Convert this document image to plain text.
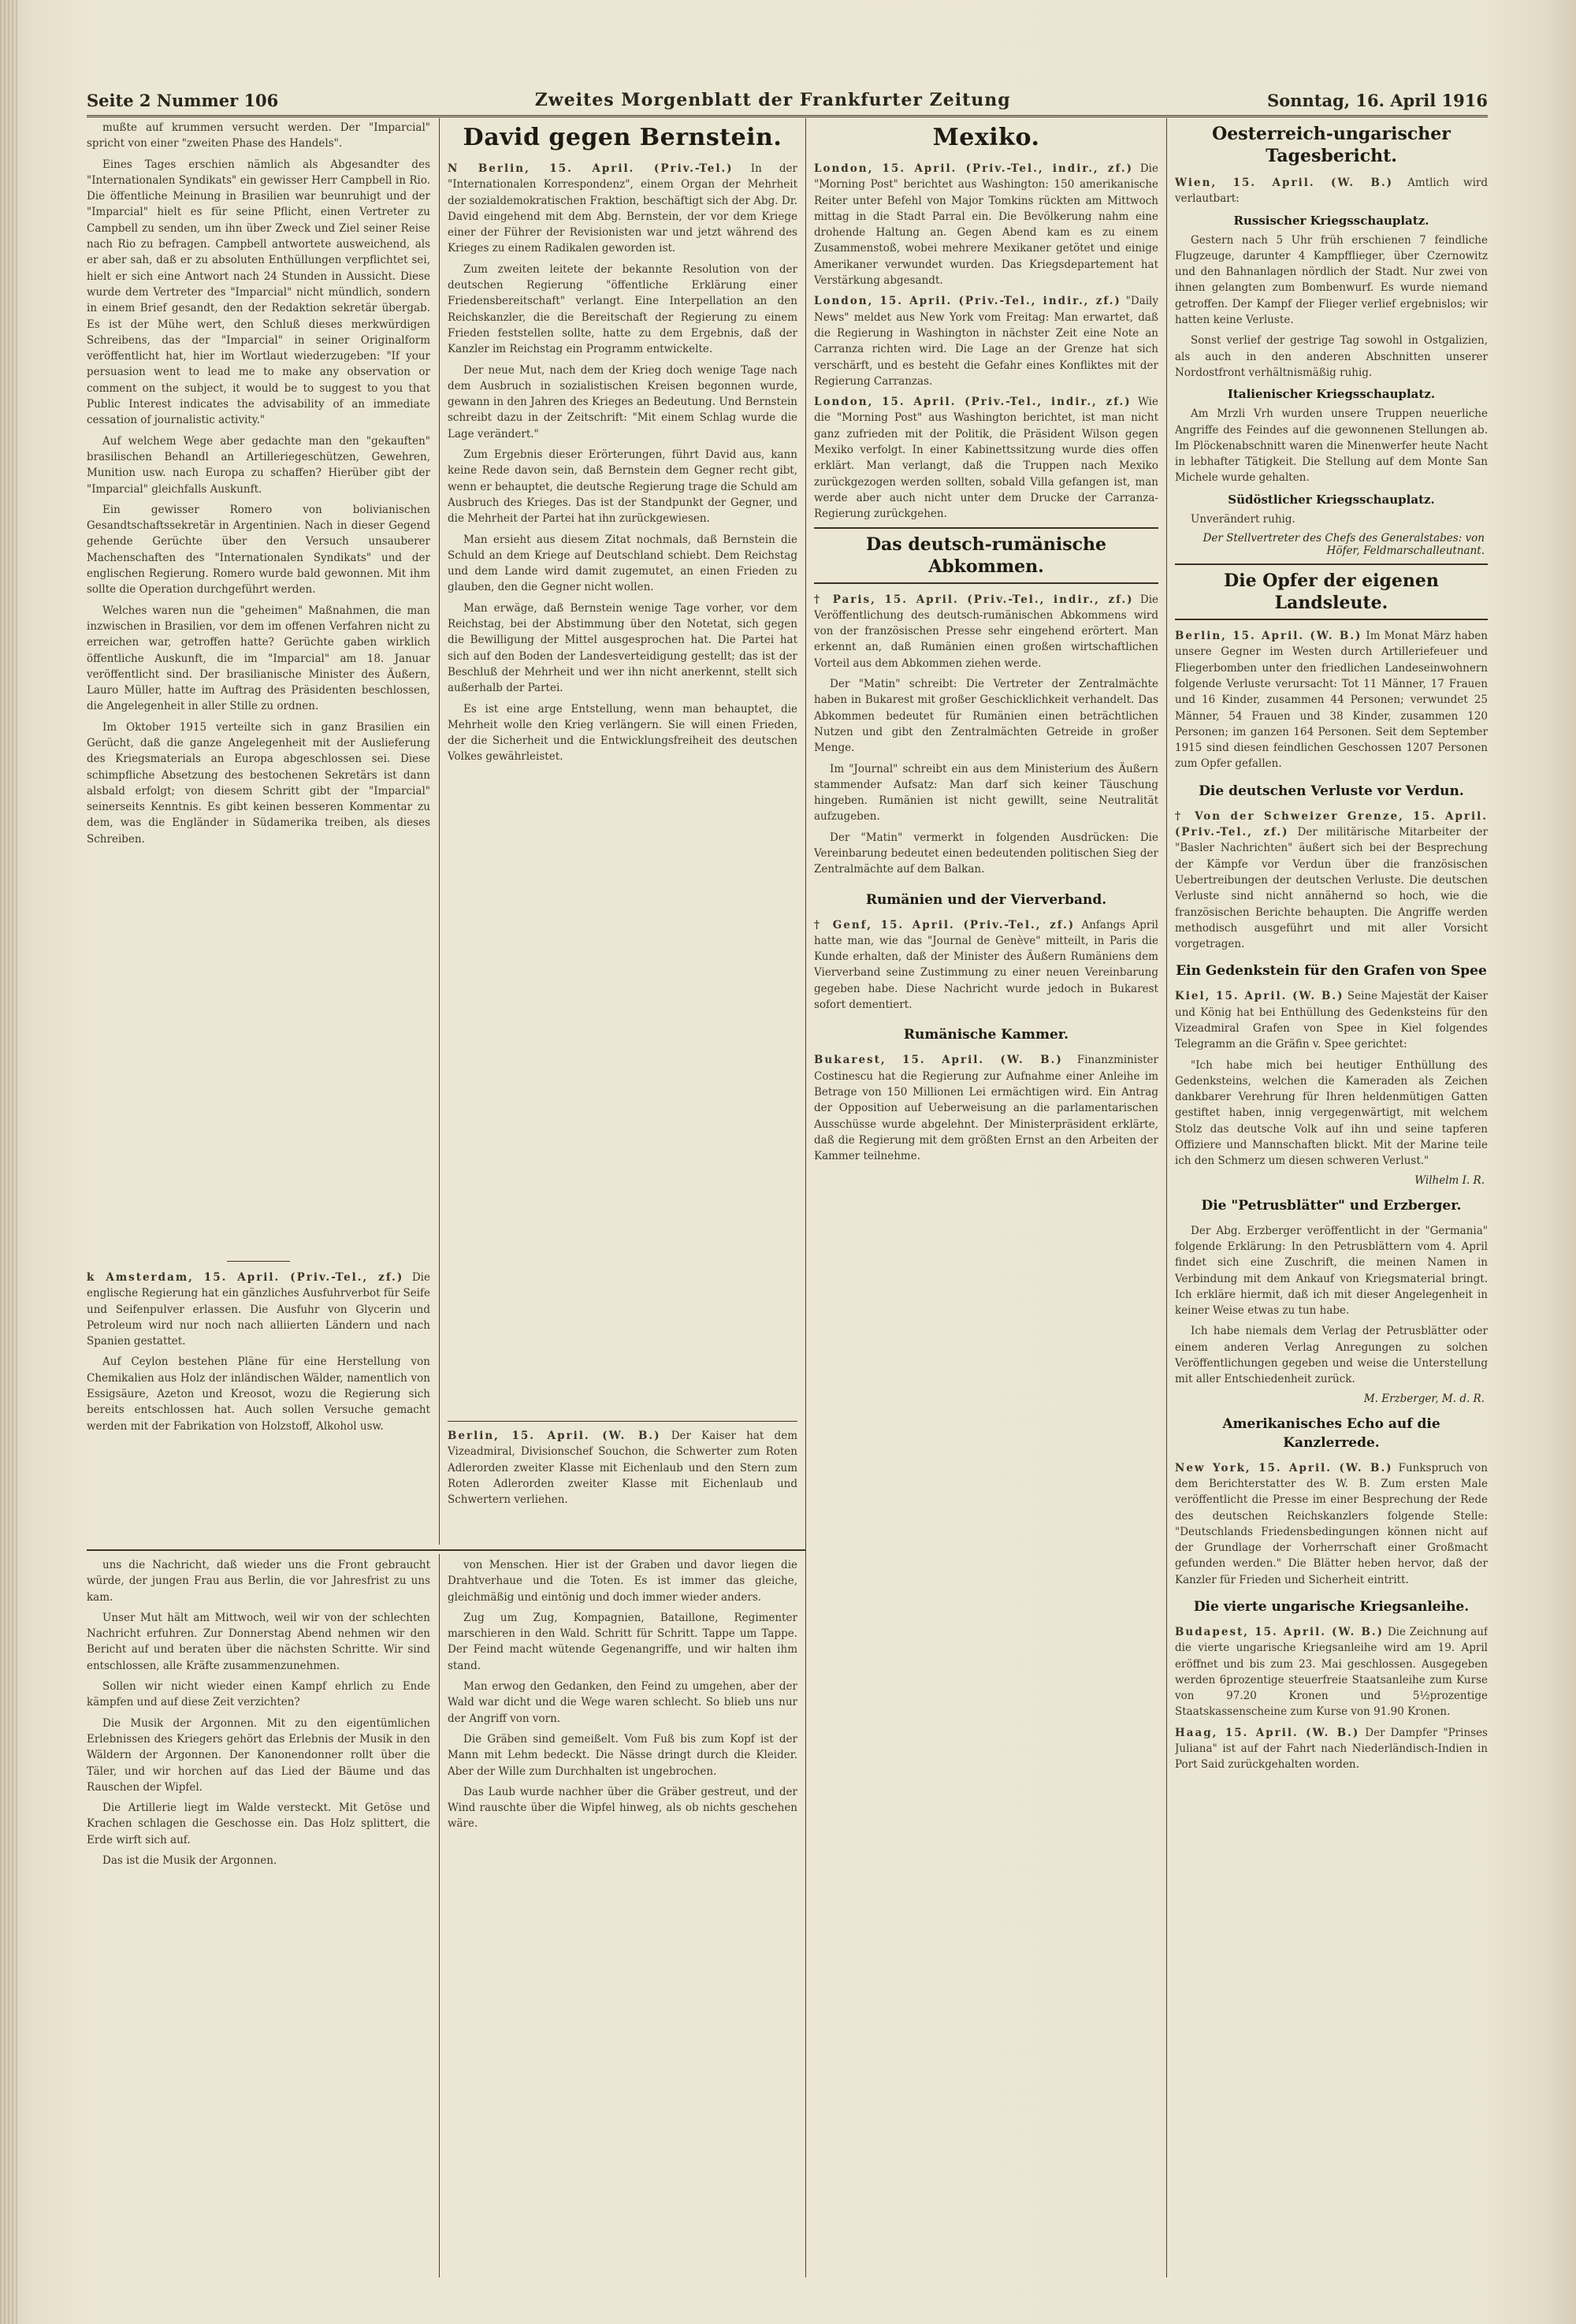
Seite 2 Nummer 106	Zweites Morgenblatt der Frankfurter Zeitung	Sonntag, 16. April 1916

mußte auf krummen versucht werden. Der "Imparcial" spricht von einer "zweiten Phase des Handels".

Eines Tages erschien nämlich als Abgesandter des "Internationalen Syndikats" ein gewisser Herr Campbell in Rio. Die öffentliche Meinung in Brasilien war beunruhigt und der "Imparcial" hielt es für seine Pflicht, einen Vertreter zu Campbell zu senden, um ihn über Zweck und Ziel seiner Reise nach Rio zu befragen. Campbell antwortete ausweichend, als er aber sah, daß er zu absoluten Enthüllungen verpflichtet sei, hielt er sich eine Antwort nach 24 Stunden in Aussicht. Diese wurde dem Vertreter des "Imparcial" nicht mündlich, sondern in einem Brief gesandt, den der Redaktion sekretär übergab. Es ist der Mühe wert, den Schluß dieses merkwürdigen Schreibens, das der "Imparcial" in seiner Originalform veröffentlicht hat, hier im Wortlaut wiederzugeben: "If your persuasion went to lead me to make any observation or comment on the subject, it would be to suggest to you that Public Interest indicates the advisability of an immediate cessation of journalistic activity."

Auf welchem Wege aber gedachte man den "gekauften" brasilischen Behandl an Artilleriegeschützen, Gewehren, Munition usw. nach Europa zu schaffen? Hierüber gibt der "Imparcial" gleichfalls Auskunft.

Ein gewisser Romero von bolivianischen Gesandtschaftssekretär in Argentinien. Nach in dieser Gegend gehende Gerüchte über den Versuch unsauberer Machenschaften des "Internationalen Syndikats" und der englischen Regierung. Romero wurde bald gewonnen. Mit ihm sollte die Operation durchgeführt werden.

Welches waren nun die "geheimen" Maßnahmen, die man inzwischen in Brasilien, vor dem im offenen Verfahren nicht zu erreichen war, getroffen hatte? Gerüchte gaben wirklich öffentliche Auskunft, die im "Imparcial" am 18. Januar veröffentlicht sind. Der brasilianische Minister des Äußern, Lauro Müller, hatte im Auftrag des Präsidenten beschlossen, die Angelegenheit in aller Stille zu ordnen.

Im Oktober 1915 verteilte sich in ganz Brasilien ein Gerücht, daß die ganze Angelegenheit mit der Auslieferung des Kriegsmaterials an Europa abgeschlossen sei. Diese schimpfliche Absetzung des bestochenen Sekretärs ist dann alsbald erfolgt; von diesem Schritt gibt der "Imparcial" seinerseits Kenntnis. Es gibt keinen besseren Kommentar zu dem, was die Engländer in Südamerika treiben, als dieses Schreiben.

k Amsterdam, 15. April. (Priv.-Tel., zf.) Die englische Regierung hat ein gänzliches Ausfuhrverbot für Seife und Seifenpulver erlassen. Die Ausfuhr von Glycerin und Petroleum wird nur noch nach alliierten Ländern und nach Spanien gestattet.

Auf Ceylon bestehen Pläne für eine Herstellung von Chemikalien aus Holz der inländischen Wälder, namentlich von Essigsäure, Azeton und Kreosot, wozu die Regierung sich bereits entschlossen hat. Auch sollen Versuche gemacht werden mit der Fabrikation von Holzstoff, Alkohol usw.

David gegen Bernstein.

N Berlin, 15. April. (Priv.-Tel.) In der "Internationalen Korrespondenz", einem Organ der Mehrheit der sozialdemokratischen Fraktion, beschäftigt sich der Abg. Dr. David eingehend mit dem Abg. Bernstein, der vor dem Kriege einer der Führer der Revisionisten war und jetzt während des Krieges zu einem Radikalen geworden ist.

Zum zweiten leitete der bekannte Resolution von der deutschen Regierung "öffentliche Erklärung einer Friedensbereitschaft" verlangt. Eine Interpellation an den Reichskanzler, die die Bereitschaft der Regierung zu einem Frieden feststellen sollte, hatte zu dem Ergebnis, daß der Kanzler im Reichstag ein Programm entwickelte.

Der neue Mut, nach dem der Krieg doch wenige Tage nach dem Ausbruch in sozialistischen Kreisen begonnen wurde, gewann in den Jahren des Krieges an Bedeutung. Und Bernstein schreibt dazu in der Zeitschrift: "Mit einem Schlag wurde die Lage verändert."

Zum Ergebnis dieser Erörterungen, führt David aus, kann keine Rede davon sein, daß Bernstein dem Gegner recht gibt, wenn er behauptet, die deutsche Regierung trage die Schuld am Ausbruch des Krieges. Das ist der Standpunkt der Gegner, und die Mehrheit der Partei hat ihn zurückgewiesen.

Man ersieht aus diesem Zitat nochmals, daß Bernstein die Schuld an dem Kriege auf Deutschland schiebt. Dem Reichstag und dem Lande wird damit zugemutet, an einen Frieden zu glauben, den die Gegner nicht wollen.

Man erwäge, daß Bernstein wenige Tage vorher, vor dem Reichstag, bei der Abstimmung über den Notetat, sich gegen die Bewilligung der Mittel ausgesprochen hat. Die Partei hat sich auf den Boden der Landesverteidigung gestellt; das ist der Beschluß der Mehrheit und wer ihn nicht anerkennt, stellt sich außerhalb der Partei.

Es ist eine arge Entstellung, wenn man behauptet, die Mehrheit wolle den Krieg verlängern. Sie will einen Frieden, der die Sicherheit und die Entwicklungsfreiheit des deutschen Volkes gewährleistet.

Berlin, 15. April. (W. B.) Der Kaiser hat dem Vizeadmiral, Divisionschef Souchon, die Schwerter zum Roten Adlerorden zweiter Klasse mit Eichenlaub und den Stern zum Roten Adlerorden zweiter Klasse mit Eichenlaub und Schwertern verliehen.

uns die Nachricht, daß wieder uns die Front gebraucht würde, der jungen Frau aus Berlin, die vor Jahresfrist zu uns kam.

Unser Mut hält am Mittwoch, weil wir von der schlechten Nachricht erfuhren. Zur Donnerstag Abend nehmen wir den Bericht auf und beraten über die nächsten Schritte. Wir sind entschlossen, alle Kräfte zusammenzunehmen.

Sollen wir nicht wieder einen Kampf ehrlich zu Ende kämpfen und auf diese Zeit verzichten?

Die Musik der Argonnen. Mit zu den eigentümlichen Erlebnissen des Kriegers gehört das Erlebnis der Musik in den Wäldern der Argonnen. Der Kanonendonner rollt über die Täler, und wir horchen auf das Lied der Bäume und das Rauschen der Wipfel.

Die Artillerie liegt im Walde versteckt. Mit Getöse und Krachen schlagen die Geschosse ein. Das Holz splittert, die Erde wirft sich auf.

Das ist die Musik der Argonnen.

von Menschen. Hier ist der Graben und davor liegen die Drahtverhaue und die Toten. Es ist immer das gleiche, gleichmäßig und eintönig und doch immer wieder anders.

Zug um Zug, Kompagnien, Bataillone, Regimenter marschieren in den Wald. Schritt für Schritt. Tappe um Tappe. Der Feind macht wütende Gegenangriffe, und wir halten ihm stand.

Man erwog den Gedanken, den Feind zu umgehen, aber der Wald war dicht und die Wege waren schlecht. So blieb uns nur der Angriff von vorn.

Die Gräben sind gemeißelt. Vom Fuß bis zum Kopf ist der Mann mit Lehm bedeckt. Die Nässe dringt durch die Kleider. Aber der Wille zum Durchhalten ist ungebrochen.

Das Laub wurde nachher über die Gräber gestreut, und der Wind rauschte über die Wipfel hinweg, als ob nichts geschehen wäre.

Mexiko.

London, 15. April. (Priv.-Tel., indir., zf.) Die "Morning Post" berichtet aus Washington: 150 amerikanische Reiter unter Befehl von Major Tomkins rückten am Mittwoch mittag in die Stadt Parral ein. Die Bevölkerung nahm eine drohende Haltung an. Gegen Abend kam es zu einem Zusammenstoß, wobei mehrere Mexikaner getötet und einige Amerikaner verwundet wurden. Das Kriegsdepartement hat Verstärkung abgesandt.

London, 15. April. (Priv.-Tel., indir., zf.) "Daily News" meldet aus New York vom Freitag: Man erwartet, daß die Regierung in Washington in nächster Zeit eine Note an Carranza richten wird. Die Lage an der Grenze hat sich verschärft, und es besteht die Gefahr eines Konfliktes mit der Regierung Carranzas.

London, 15. April. (Priv.-Tel., indir., zf.) Wie die "Morning Post" aus Washington berichtet, ist man nicht ganz zufrieden mit der Politik, die Präsident Wilson gegen Mexiko verfolgt. In einer Kabinettssitzung wurde dies offen erklärt. Man verlangt, daß die Truppen nach Mexiko zurückgezogen werden sollten, sobald Villa gefangen ist, man werde aber auch nicht unter dem Drucke der Carranza-Regierung zurückgehen.

Das deutsch-rumänische Abkommen.

† Paris, 15. April. (Priv.-Tel., indir., zf.) Die Veröffentlichung des deutsch-rumänischen Abkommens wird von der französischen Presse sehr eingehend erörtert. Man erkennt an, daß Rumänien einen großen wirtschaftlichen Vorteil aus dem Abkommen ziehen werde.

Der "Matin" schreibt: Die Vertreter der Zentralmächte haben in Bukarest mit großer Geschicklichkeit verhandelt. Das Abkommen bedeutet für Rumänien einen beträchtlichen Nutzen und gibt den Zentralmächten Getreide in großer Menge.

Im "Journal" schreibt ein aus dem Ministerium des Äußern stammender Aufsatz: Man darf sich keiner Täuschung hingeben. Rumänien ist nicht gewillt, seine Neutralität aufzugeben.

Der "Matin" vermerkt in folgenden Ausdrücken: Die Vereinbarung bedeutet einen bedeutenden politischen Sieg der Zentralmächte auf dem Balkan.

Rumänien und der Vierverband.

† Genf, 15. April. (Priv.-Tel., zf.) Anfangs April hatte man, wie das "Journal de Genève" mitteilt, in Paris die Kunde erhalten, daß der Minister des Äußern Rumäniens dem Vierverband seine Zustimmung zu einer neuen Vereinbarung gegeben habe. Diese Nachricht wurde jedoch in Bukarest sofort dementiert.

Rumänische Kammer.

Bukarest, 15. April. (W. B.) Finanzminister Costinescu hat die Regierung zur Aufnahme einer Anleihe im Betrage von 150 Millionen Lei ermächtigen wird. Ein Antrag der Opposition auf Ueberweisung an die parlamentarischen Ausschüsse wurde abgelehnt. Der Ministerpräsident erklärte, daß die Regierung mit dem größten Ernst an den Arbeiten der Kammer teilnehme.

Oesterreich-ungarischer Tagesbericht.

Wien, 15. April. (W. B.) Amtlich wird verlautbart:

Russischer Kriegsschauplatz.

Gestern nach 5 Uhr früh erschienen 7 feindliche Flugzeuge, darunter 4 Kampfflieger, über Czernowitz und den Bahnanlagen nördlich der Stadt. Nur zwei von ihnen gelangten zum Bombenwurf. Es wurde niemand getroffen. Der Kampf der Flieger verlief ergebnislos; wir hatten keine Verluste.

Sonst verlief der gestrige Tag sowohl in Ostgalizien, als auch in den anderen Abschnitten unserer Nordostfront verhältnismäßig ruhig.

Italienischer Kriegsschauplatz.

Am Mrzli Vrh wurden unsere Truppen neuerliche Angriffe des Feindes auf die gewonnenen Stellungen ab. Im Plöckenabschnitt waren die Minenwerfer heute Nacht in lebhafter Tätigkeit. Die Stellung auf dem Monte San Michele wurde gehalten.

Südöstlicher Kriegsschauplatz.

Unverändert ruhig.

Der Stellvertreter des Chefs des Generalstabes: von Höfer, Feldmarschalleutnant.
Die Opfer der eigenen Landsleute.

Berlin, 15. April. (W. B.) Im Monat März haben unsere Gegner im Westen durch Artilleriefeuer und Fliegerbomben unter den friedlichen Landeseinwohnern folgende Verluste verursacht: Tot 11 Männer, 17 Frauen und 16 Kinder, zusammen 44 Personen; verwundet 25 Männer, 54 Frauen und 38 Kinder, zusammen 120 Personen; im ganzen 164 Personen. Seit dem September 1915 sind diesen feindlichen Geschossen 1207 Personen zum Opfer gefallen.

Die deutschen Verluste vor Verdun.

† Von der Schweizer Grenze, 15. April. (Priv.-Tel., zf.) Der militärische Mitarbeiter der "Basler Nachrichten" äußert sich bei der Besprechung der Kämpfe vor Verdun über die französischen Uebertreibungen der deutschen Verluste. Die deutschen Verluste sind nicht annähernd so hoch, wie die französischen Berichte behaupten. Die Angriffe werden methodisch ausgeführt und mit aller Vorsicht vorgetragen.

Ein Gedenkstein für den Grafen von Spee

Kiel, 15. April. (W. B.) Seine Majestät der Kaiser und König hat bei Enthüllung des Gedenksteins für den Vizeadmiral Grafen von Spee in Kiel folgendes Telegramm an die Gräfin v. Spee gerichtet:

"Ich habe mich bei heutiger Enthüllung des Gedenksteins, welchen die Kameraden als Zeichen dankbarer Verehrung für Ihren heldenmütigen Gatten gestiftet haben, innig vergegenwärtigt, mit welchem Stolz das deutsche Volk auf ihn und seine tapferen Offiziere und Mannschaften blickt. Mit der Marine teile ich den Schmerz um diesen schweren Verlust."

Wilhelm I. R.
Die "Petrusblätter" und Erzberger.

Der Abg. Erzberger veröffentlicht in der "Germania" folgende Erklärung: In den Petrusblättern vom 4. April findet sich eine Zuschrift, die meinen Namen in Verbindung mit dem Ankauf von Kriegsmaterial bringt. Ich erkläre hiermit, daß ich mit dieser Angelegenheit in keiner Weise etwas zu tun habe.

Ich habe niemals dem Verlag der Petrusblätter oder einem anderen Verlag Anregungen zu solchen Veröffentlichungen gegeben und weise die Unterstellung mit aller Entschiedenheit zurück.

M. Erzberger, M. d. R.
Amerikanisches Echo auf die Kanzlerrede.

New York, 15. April. (W. B.) Funkspruch von dem Berichterstatter des W. B. Zum ersten Male veröffentlicht die Presse im einer Besprechung der Rede des deutschen Reichskanzlers folgende Stelle: "Deutschlands Friedensbedingungen können nicht auf der Grundlage der Vorherrschaft einer Großmacht gefunden werden." Die Blätter heben hervor, daß der Kanzler für Frieden und Sicherheit eintritt.

Die vierte ungarische Kriegsanleihe.

Budapest, 15. April. (W. B.) Die Zeichnung auf die vierte ungarische Kriegsanleihe wird am 19. April eröffnet und bis zum 23. Mai geschlossen. Ausgegeben werden 6prozentige steuerfreie Staatsanleihe zum Kurse von 97.20 Kronen und 5½prozentige Staatskassenscheine zum Kurse von 91.90 Kronen.

Haag, 15. April. (W. B.) Der Dampfer "Prinses Juliana" ist auf der Fahrt nach Niederländisch-Indien in Port Said zurückgehalten worden.
